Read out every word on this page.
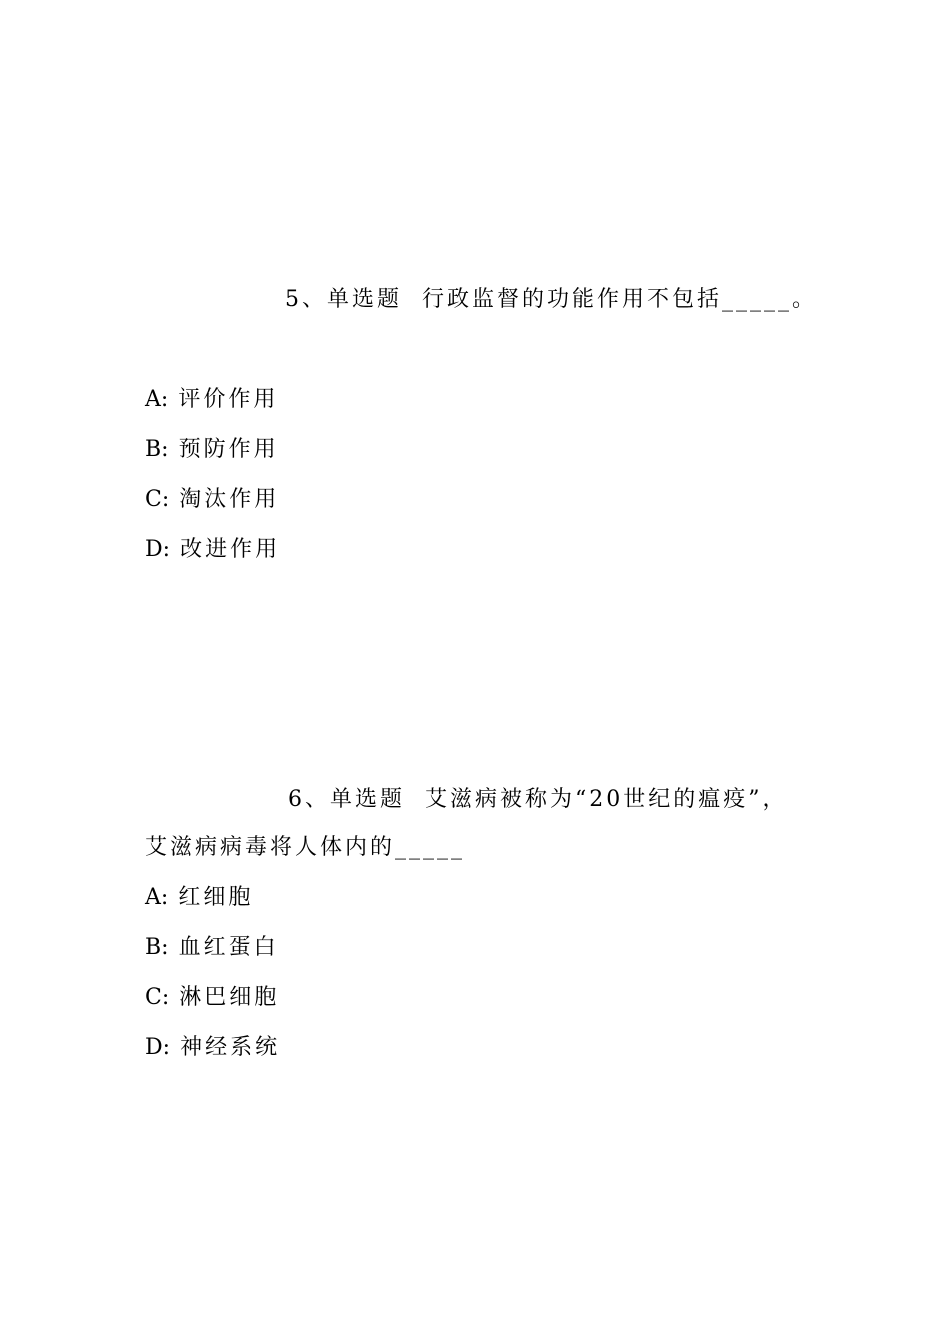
5、单选题 行政监督的功能作用不包括_____。
A: 评价作用
B: 预防作用
C: 淘汰作用
D: 改进作用
6、单选题 艾滋病被称为“20世纪的瘟疫”，
艾滋病病毒将人体内的_____
A: 红细胞
B: 血红蛋白
C: 淋巴细胞
D: 神经系统
